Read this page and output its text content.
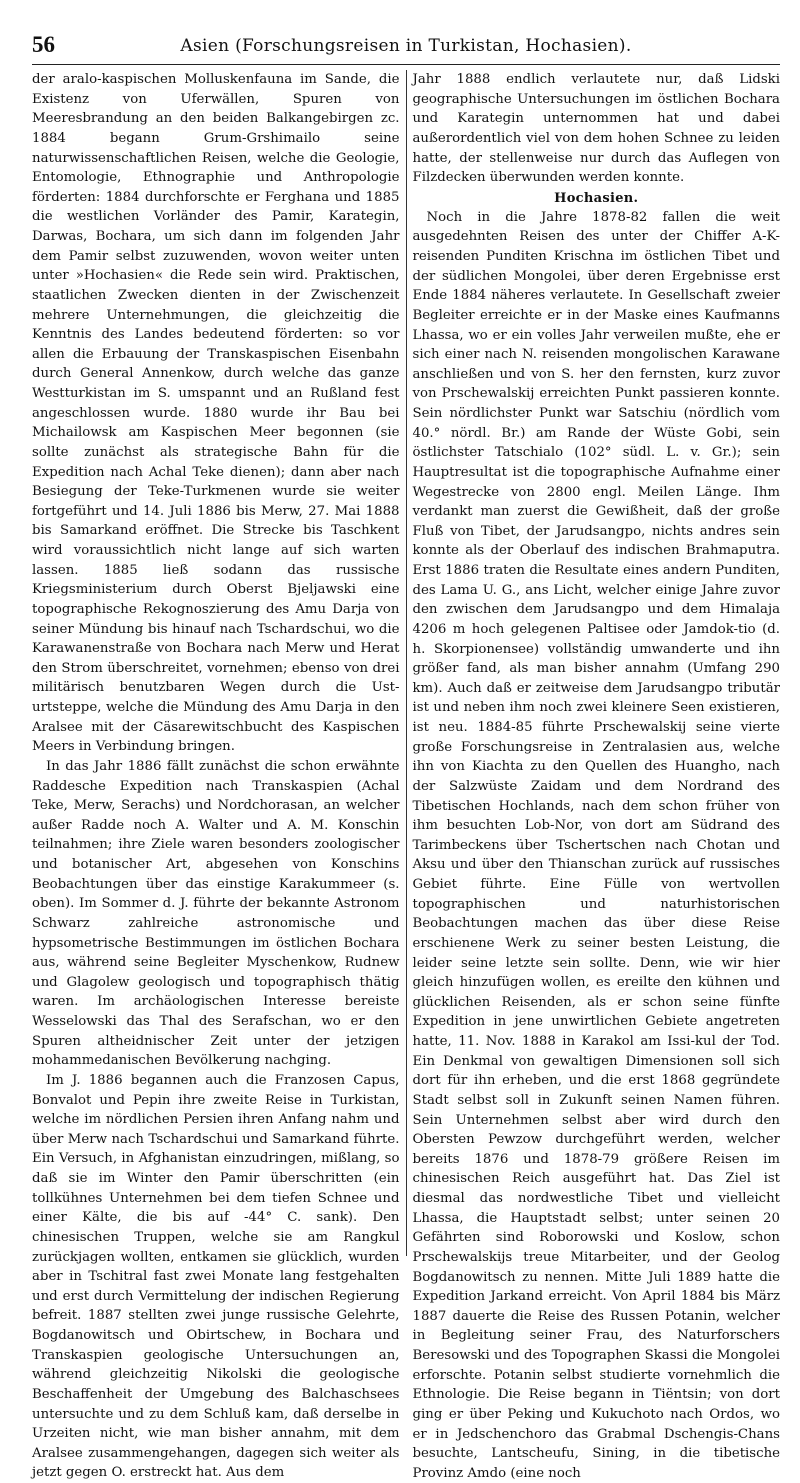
56	Asien (Forschungsreisen in Turkistan, Hochasien).

der aralo-kaspischen Molluskenfauna im Sande, die Existenz von Uferwällen, Spuren von Meeresbrandung an den beiden Balkangebirgen zc. 1884 begann Grum-Grshimailo seine naturwissenschaftlichen Reisen, welche die Geologie, Entomologie, Ethnographie und Anthropologie förderten: 1884 durchforschte er Ferghana und 1885 die westlichen Vorländer des Pamir, Karategin, Darwas, Bochara, um sich dann im folgenden Jahr dem Pamir selbst zuzuwenden, wovon weiter unten unter »Hochasien« die Rede sein wird. Praktischen, staatlichen Zwecken dienten in der Zwischenzeit mehrere Unternehmungen, die gleichzeitig die Kenntnis des Landes bedeutend förderten: so vor allen die Erbauung der Transkaspischen Eisenbahn durch General Annenkow, durch welche das ganze Westturkistan im S. umspannt und an Rußland fest angeschlossen wurde. 1880 wurde ihr Bau bei Michailowsk am Kaspischen Meer begonnen (sie sollte zunächst als strategische Bahn für die Expedition nach Achal Teke dienen); dann aber nach Besiegung der Teke-Turkmenen wurde sie weiter fortgeführt und 14. Juli 1886 bis Merw, 27. Mai 1888 bis Samarkand eröffnet. Die Strecke bis Taschkent wird voraussichtlich nicht lange auf sich warten lassen. 1885 ließ sodann das russische Kriegsministerium durch Oberst Bjeljawski eine topographische Rekognoszierung des Amu Darja von seiner Mündung bis hinauf nach Tschardschui, wo die Karawanenstraße von Bochara nach Merw und Herat den Strom überschreitet, vornehmen; ebenso von drei militärisch benutzbaren Wegen durch die Ust-urtsteppe, welche die Mündung des Amu Darja in den Aralsee mit der Cäsarewitschbucht des Kaspischen Meers in Verbindung bringen.

In das Jahr 1886 fällt zunächst die schon erwähnte Raddesche Expedition nach Transkaspien (Achal Teke, Merw, Serachs) und Nordchorasan, an welcher außer Radde noch A. Walter und A. M. Konschin teilnahmen; ihre Ziele waren besonders zoologischer und botanischer Art, abgesehen von Konschins Beobachtungen über das einstige Karakummeer (s. oben). Im Sommer d. J. führte der bekannte Astronom Schwarz zahlreiche astronomische und hypsometrische Bestimmungen im östlichen Bochara aus, während seine Begleiter Myschenkow, Rudnew und Glagolew geologisch und topographisch thätig waren. Im archäologischen Interesse bereiste Wesselowski das Thal des Serafschan, wo er den Spuren altheidnischer Zeit unter der jetzigen mohammedanischen Bevölkerung nachging.

Im J. 1886 begannen auch die Franzosen Capus, Bonvalot und Pepin ihre zweite Reise in Turkistan, welche im nördlichen Persien ihren Anfang nahm und über Merw nach Tschardschui und Samarkand führte. Ein Versuch, in Afghanistan einzudringen, mißlang, so daß sie im Winter den Pamir überschritten (ein tollkühnes Unternehmen bei dem tiefen Schnee und einer Kälte, die bis auf -44° C. sank). Den chinesischen Truppen, welche sie am Rangkul zurückjagen wollten, entkamen sie glücklich, wurden aber in Tschitral fast zwei Monate lang festgehalten und erst durch Vermittelung der indischen Regierung befreit. 1887 stellten zwei junge russische Gelehrte, Bogdanowitsch und Obirtschew, in Bochara und Transkaspien geologische Untersuchungen an, während gleichzeitig Nikolski die geologische Beschaffenheit der Umgebung des Balchaschsees untersuchte und zu dem Schluß kam, daß derselbe in Urzeiten nicht, wie man bisher annahm, mit dem Aralsee zusammengehangen, dagegen sich weiter als jetzt gegen O. erstreckt hat. Aus dem

Jahr 1888 endlich verlautete nur, daß Lidski geographische Untersuchungen im östlichen Bochara und Karategin unternommen hat und dabei außerordentlich viel von dem hohen Schnee zu leiden hatte, der stellenweise nur durch das Auflegen von Filzdecken überwunden werden konnte.

Hochasien.

Noch in die Jahre 1878-82 fallen die weit ausgedehnten Reisen des unter der Chiffer A-K- reisenden Punditen Krischna im östlichen Tibet und der südlichen Mongolei, über deren Ergebnisse erst Ende 1884 näheres verlautete. In Gesellschaft zweier Begleiter erreichte er in der Maske eines Kaufmanns Lhassa, wo er ein volles Jahr verweilen mußte, ehe er sich einer nach N. reisenden mongolischen Karawane anschließen und von S. her den fernsten, kurz zuvor von Prschewalskij erreichten Punkt passieren konnte. Sein nördlichster Punkt war Satschiu (nördlich vom 40.° nördl. Br.) am Rande der Wüste Gobi, sein östlichster Tatschialo (102° südl. L. v. Gr.); sein Hauptresultat ist die topographische Aufnahme einer Wegestrecke von 2800 engl. Meilen Länge. Ihm verdankt man zuerst die Gewißheit, daß der große Fluß von Tibet, der Jarudsangpo, nichts andres sein konnte als der Oberlauf des indischen Brahmaputra. Erst 1886 traten die Resultate eines andern Punditen, des Lama U. G., ans Licht, welcher einige Jahre zuvor den zwischen dem Jarudsangpo und dem Himalaja 4206 m hoch gelegenen Paltisee oder Jamdok-tio (d. h. Skorpionensee) vollständig umwanderte und ihn größer fand, als man bisher annahm (Umfang 290 km). Auch daß er zeitweise dem Jarudsangpo tributär ist und neben ihm noch zwei kleinere Seen existieren, ist neu. 1884-85 führte Prschewalskij seine vierte große Forschungsreise in Zentralasien aus, welche ihn von Kiachta zu den Quellen des Huangho, nach der Salzwüste Zaidam und dem Nordrand des Tibetischen Hochlands, nach dem schon früher von ihm besuchten Lob-Nor, von dort am Südrand des Tarimbeckens über Tschertschen nach Chotan und Aksu und über den Thianschan zurück auf russisches Gebiet führte. Eine Fülle von wertvollen topographischen und naturhistorischen Beobachtungen machen das über diese Reise erschienene Werk zu seiner besten Leistung, die leider seine letzte sein sollte. Denn, wie wir hier gleich hinzufügen wollen, es ereilte den kühnen und glücklichen Reisenden, als er schon seine fünfte Expedition in jene unwirtlichen Gebiete angetreten hatte, 11. Nov. 1888 in Karakol am Issi-kul der Tod. Ein Denkmal von gewaltigen Dimensionen soll sich dort für ihn erheben, und die erst 1868 gegründete Stadt selbst soll in Zukunft seinen Namen führen. Sein Unternehmen selbst aber wird durch den Obersten Pewzow durchgeführt werden, welcher bereits 1876 und 1878-79 größere Reisen im chinesischen Reich ausgeführt hat. Das Ziel ist diesmal das nordwestliche Tibet und vielleicht Lhassa, die Hauptstadt selbst; unter seinen 20 Gefährten sind Roborowski und Koslow, schon Prschewalskijs treue Mitarbeiter, und der Geolog Bogdanowitsch zu nennen. Mitte Juli 1889 hatte die Expedition Jarkand erreicht. Von April 1884 bis März 1887 dauerte die Reise des Russen Potanin, welcher in Begleitung seiner Frau, des Naturforschers Beresowski und des Topographen Skassi die Mongolei erforschte. Potanin selbst studierte vornehmlich die Ethnologie. Die Reise begann in Tiëntsin; von dort ging er über Peking und Kukuchoto nach Ordos, wo er in Jedschenchoro das Grabmal Dschengis-Chans besuchte, Lantscheufu, Sining, in die tibetische Provinz Amdo (eine noch
